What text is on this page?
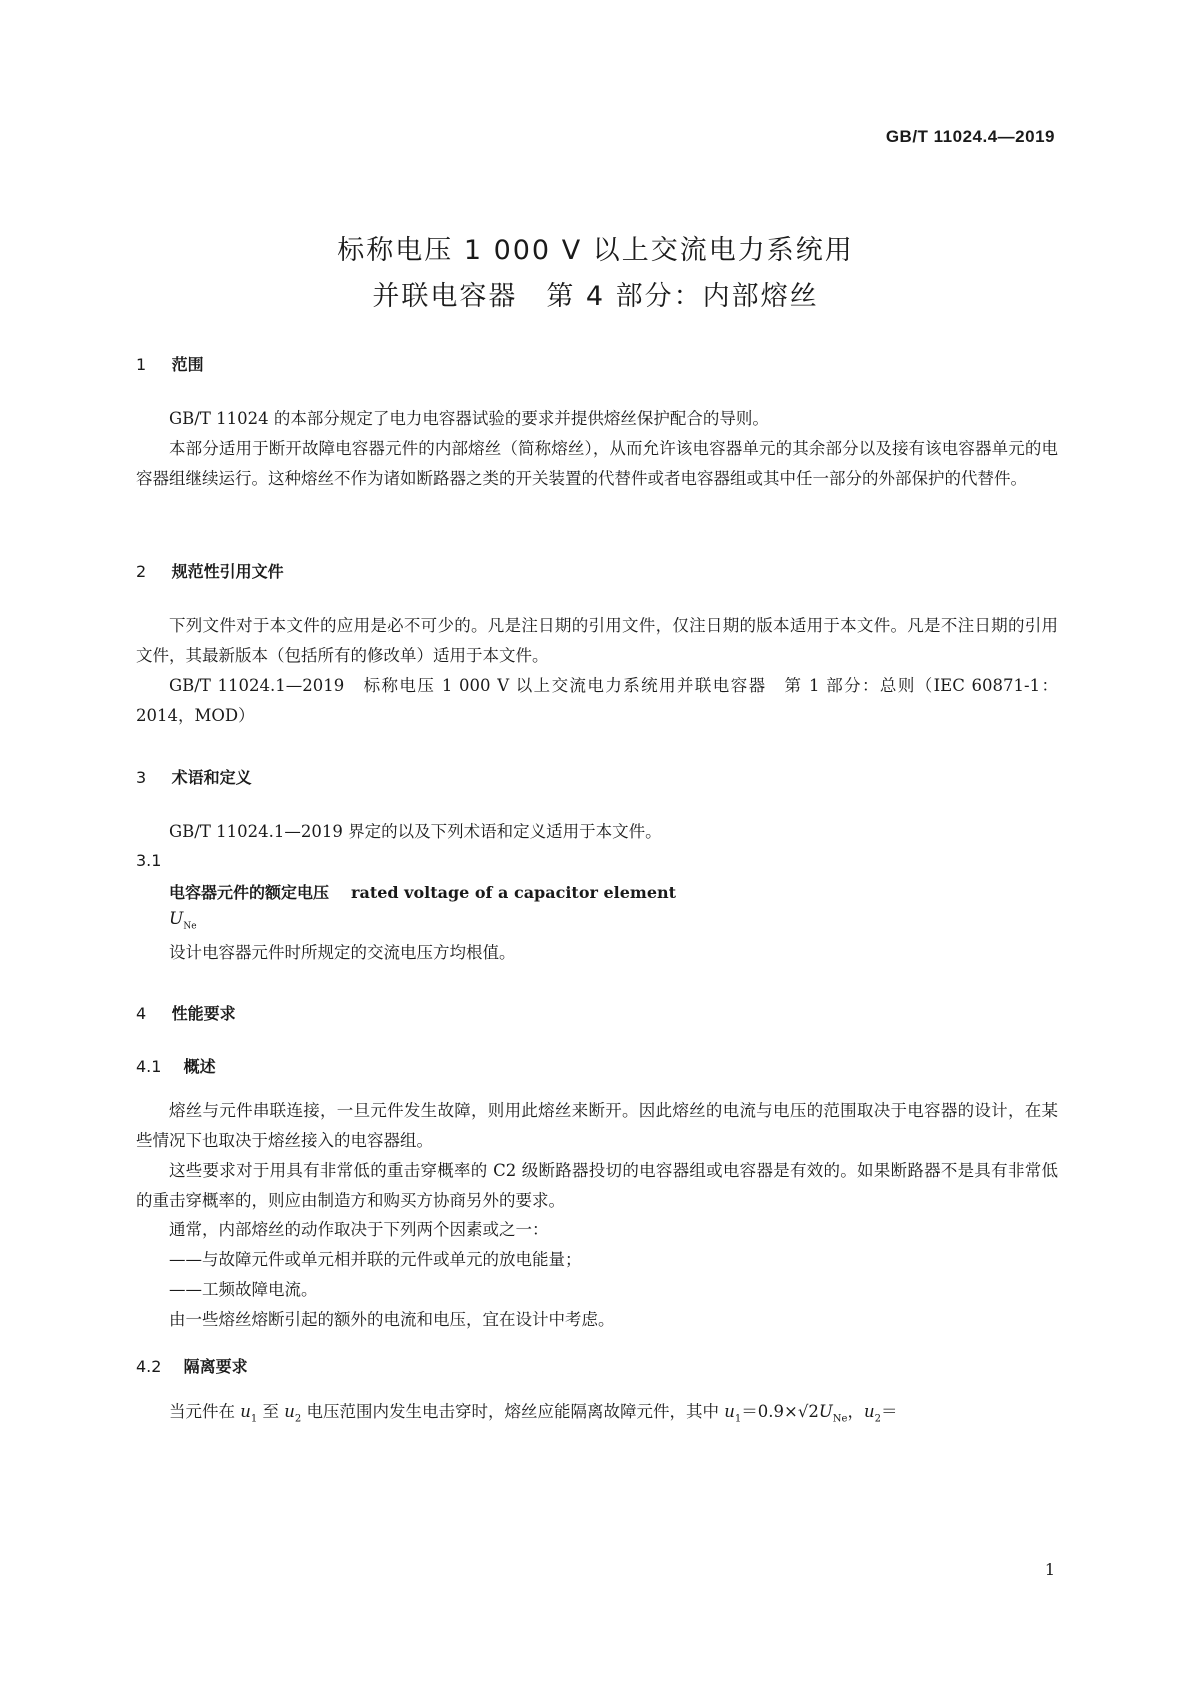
GB/T 11024.4—2019
标称电压 1 000 V 以上交流电力系统用
并联电容器　第 4 部分：内部熔丝
1 范围
GB/T 11024 的本部分规定了电力电容器试验的要求并提供熔丝保护配合的导则。
本部分适用于断开故障电容器元件的内部熔丝（简称熔丝），从而允许该电容器单元的其余部分以及接有该电容器单元的电容器组继续运行。这种熔丝不作为诸如断路器之类的开关装置的代替件或者电容器组或其中任一部分的外部保护的代替件。
2 规范性引用文件
下列文件对于本文件的应用是必不可少的。凡是注日期的引用文件，仅注日期的版本适用于本文件。凡是不注日期的引用文件，其最新版本（包括所有的修改单）适用于本文件。
GB/T 11024.1—2019　标称电压 1 000 V 以上交流电力系统用并联电容器　第 1 部分：总则（IEC 60871-1：2014，MOD）
3 术语和定义
GB/T 11024.1—2019 界定的以及下列术语和定义适用于本文件。
3.1
电容器元件的额定电压 rated voltage of a capacitor element
$U_{Ne}$
设计电容器元件时所规定的交流电压方均根值。
4 性能要求
4.1 概述
熔丝与元件串联连接，一旦元件发生故障，则用此熔丝来断开。因此熔丝的电流与电压的范围取决于电容器的设计，在某些情况下也取决于熔丝接入的电容器组。
这些要求对于用具有非常低的重击穿概率的 C2 级断路器投切的电容器组或电容器是有效的。如果断路器不是具有非常低的重击穿概率的，则应由制造方和购买方协商另外的要求。
通常，内部熔丝的动作取决于下列两个因素或之一：
——与故障元件或单元相并联的元件或单元的放电能量；
——工频故障电流。
由一些熔丝熔断引起的额外的电流和电压，宜在设计中考虑。
4.2 隔离要求
当元件在 $u_1$ 至 $u_2$ 电压范围内发生电击穿时，熔丝应能隔离故障元件，其中 $u_1=0.9\times√2U_{Ne}$，$u_2=$
1
